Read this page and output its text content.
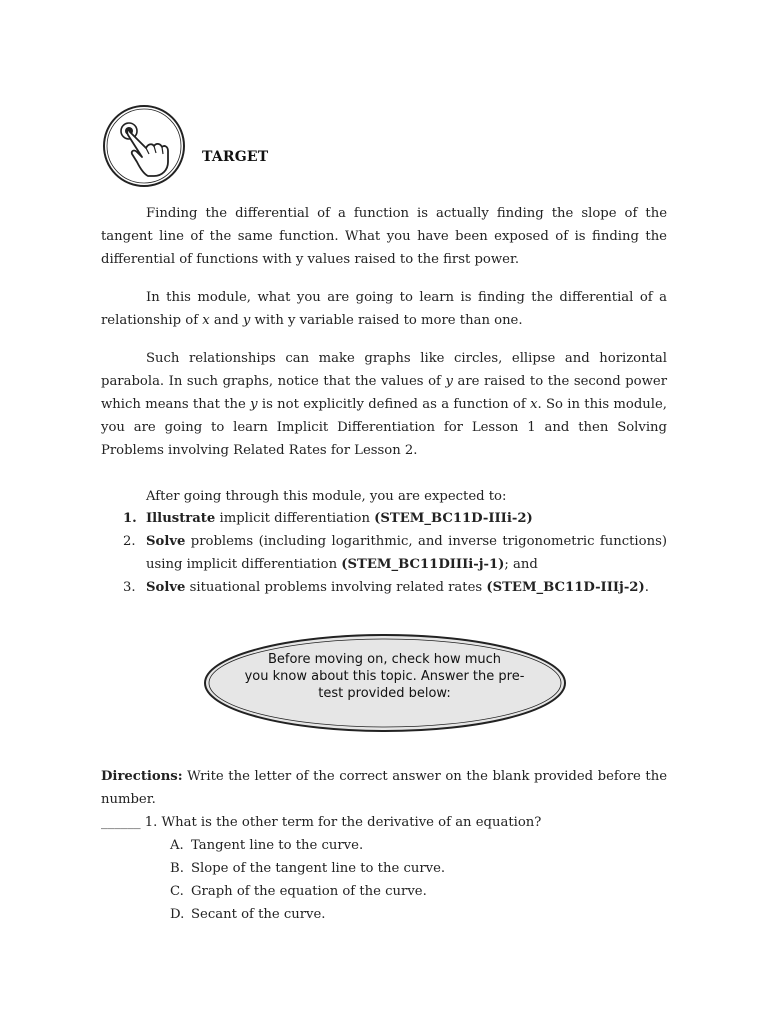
TARGET

Finding the differential of a function is actually finding the slope of the tangent line of the same function. What you have been exposed of is finding the differential of functions with y values raised to the first power.

In this module, what you are going to learn is finding the differential of a relationship of x and y with y variable raised to more than one.

Such relationships can make graphs like circles, ellipse and horizontal parabola. In such graphs, notice that the values of y are raised to the second power which means that the y is not explicitly defined as a function of x. So in this module, you are going to learn Implicit Differentiation for Lesson 1 and then Solving Problems involving Related Rates for Lesson 2.

After going through this module, you are expected to:
1. Illustrate implicit differentiation (STEM_BC11D-IIIi-2)
2. Solve problems (including logarithmic, and inverse trigonometric functions) using implicit differentiation (STEM_BC11DIIIi-j-1); and
3. Solve situational problems involving related rates (STEM_BC11D-IIIj-2).
Before moving on, check how much
you know about this topic. Answer the pre-
test provided below:

Directions: Write the letter of the correct answer on the blank provided before the number.

______ 1. What is the other term for the derivative of an equation?
A. Tangent line to the curve.
B. Slope of the tangent line to the curve.
C. Graph of the equation of the curve.
D. Secant of the curve.
